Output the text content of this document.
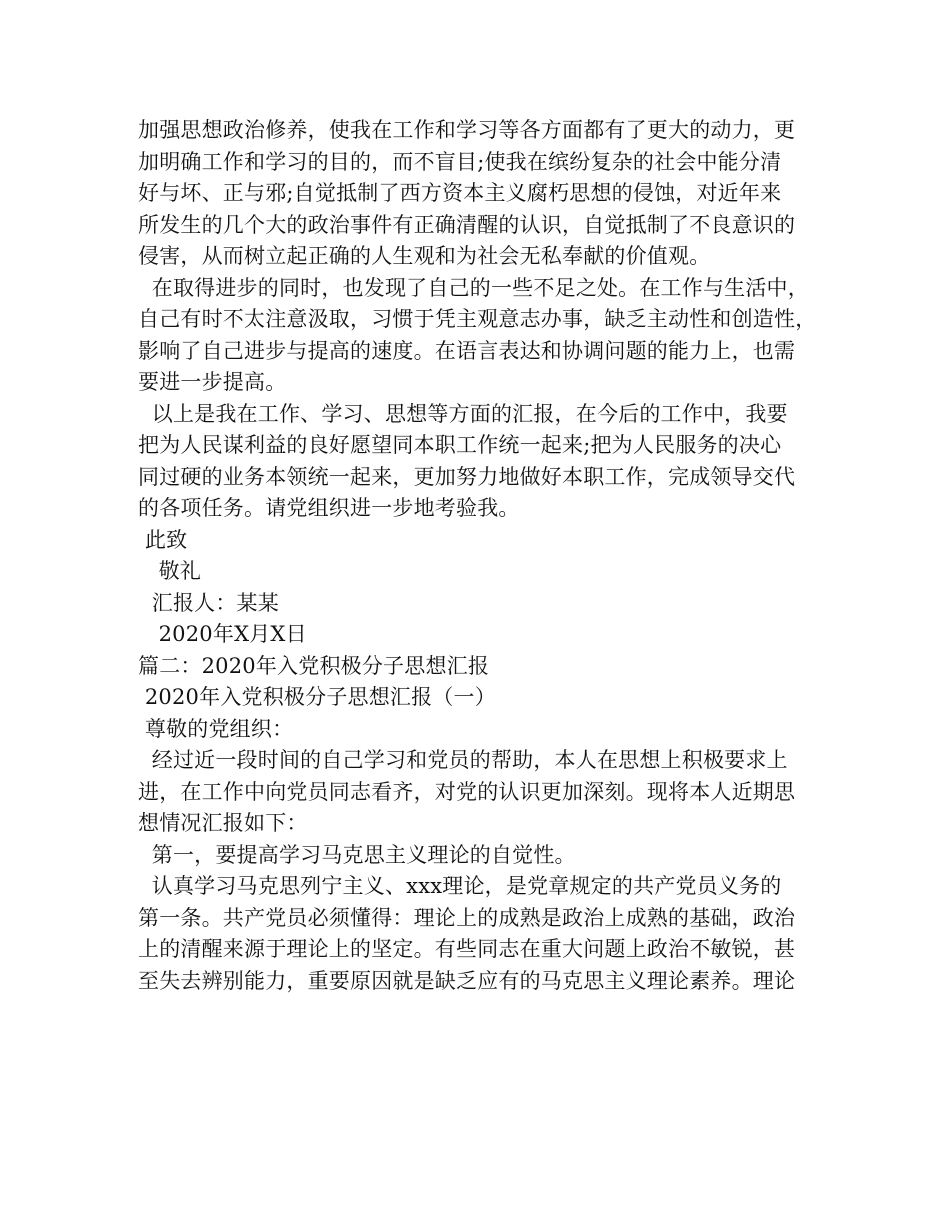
加强思想政治修养，使我在工作和学习等各方面都有了更大的动力，更
加明确工作和学习的目的，而不盲目;使我在缤纷复杂的社会中能分清
好与坏、正与邪;自觉抵制了西方资本主义腐朽思想的侵蚀，对近年来
所发生的几个大的政治事件有正确清醒的认识，自觉抵制了不良意识的
侵害，从而树立起正确的人生观和为社会无私奉献的价值观。
在取得进步的同时，也发现了自己的一些不足之处。在工作与生活中，
自己有时不太注意汲取，习惯于凭主观意志办事，缺乏主动性和创造性，
影响了自己进步与提高的速度。在语言表达和协调问题的能力上，也需
要进一步提高。
以上是我在工作、学习、思想等方面的汇报，在今后的工作中，我要
把为人民谋利益的良好愿望同本职工作统一起来;把为人民服务的决心
同过硬的业务本领统一起来，更加努力地做好本职工作，完成领导交代
的各项任务。请党组织进一步地考验我。
此致
敬礼
汇报人：某某
2020年X月X日
篇二：2020年入党积极分子思想汇报
2020年入党积极分子思想汇报（一）
尊敬的党组织：
经过近一段时间的自己学习和党员的帮助，本人在思想上积极要求上
进，在工作中向党员同志看齐，对党的认识更加深刻。现将本人近期思
想情况汇报如下：
第一，要提高学习马克思主义理论的自觉性。
认真学习马克思列宁主义、xxx理论，是党章规定的共产党员义务的
第一条。共产党员必须懂得：理论上的成熟是政治上成熟的基础，政治
上的清醒来源于理论上的坚定。有些同志在重大问题上政治不敏锐，甚
至失去辨别能力，重要原因就是缺乏应有的马克思主义理论素养。理论
